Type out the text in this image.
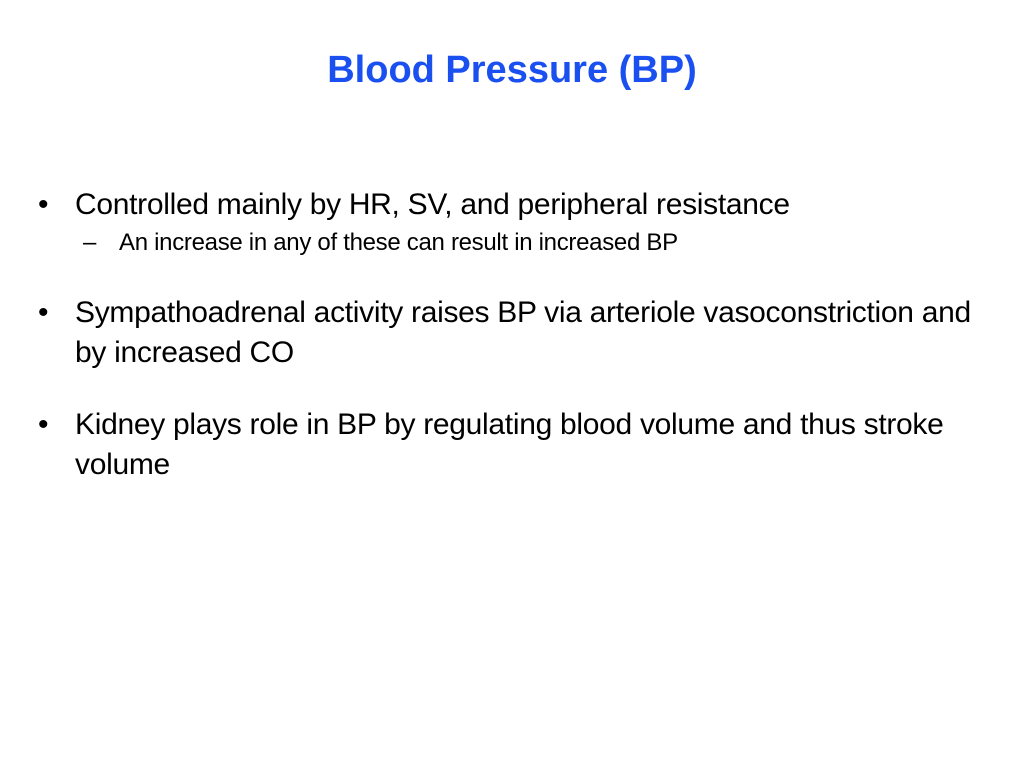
Blood Pressure (BP)
• Controlled mainly by HR, SV, and peripheral resistance
– An increase in any of these can result in increased BP
• Sympathoadrenal activity raises BP via arteriole vasoconstriction and by increased CO
• Kidney plays role in BP by regulating blood volume and thus stroke volume
